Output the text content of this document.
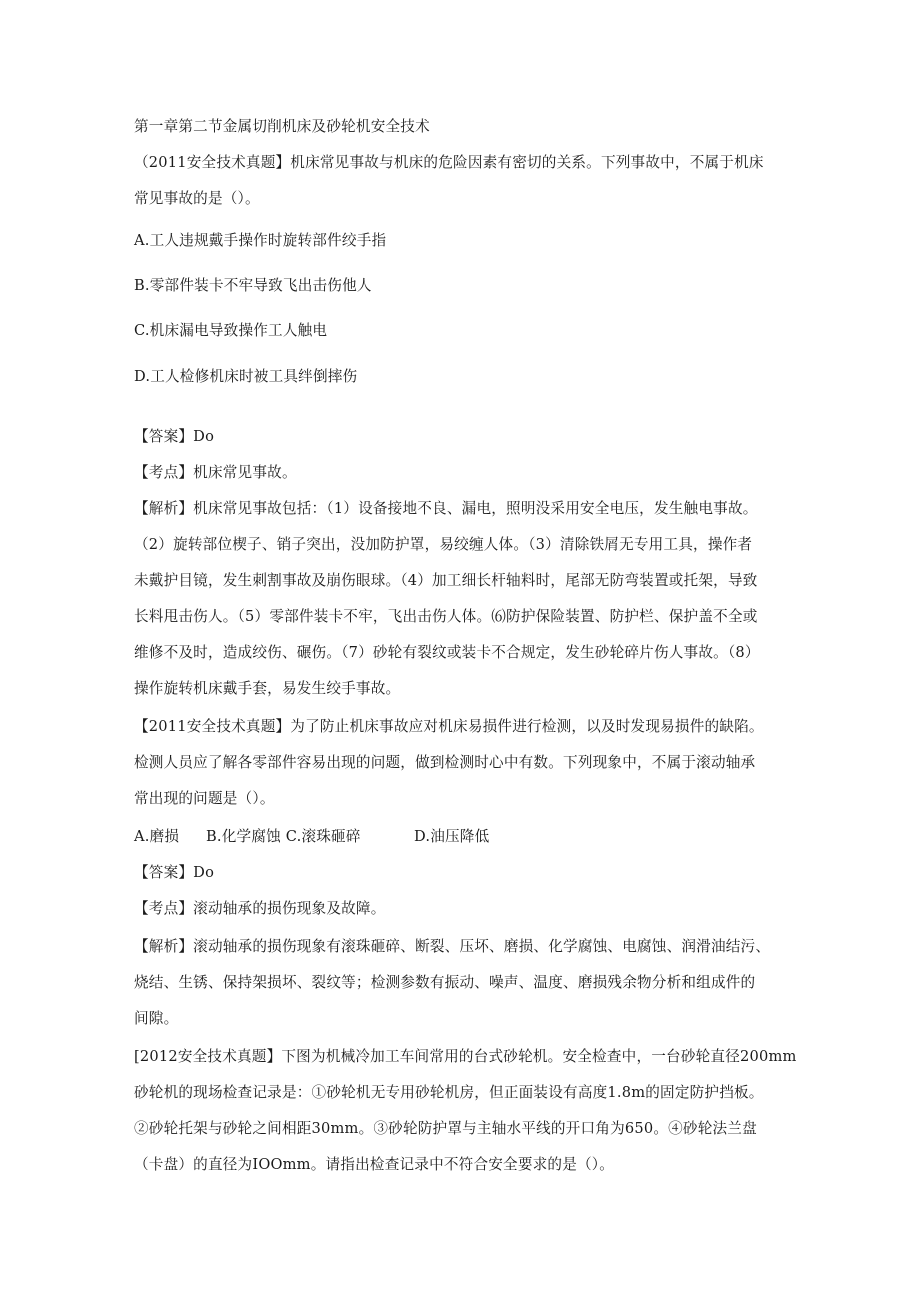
第一章第二节金属切削机床及砂轮机安全技术
（2011安全技术真题】机床常见事故与机床的危险因素有密切的关系。下列事故中，不属于机床
常见事故的是（）。
A.工人违规戴手操作时旋转部件绞手指
B.零部件装卡不牢导致飞出击伤他人
C.机床漏电导致操作工人触电
D.工人检修机床时被工具绊倒摔伤
【答案】Do
【考点】机床常见事故。
【解析】机床常见事故包括：（1）设备接地不良、漏电，照明没采用安全电压，发生触电事故。
（2）旋转部位楔子、销子突出，没加防护罩，易绞缠人体。（3）清除铁屑无专用工具，操作者
未戴护目镜，发生刺割事故及崩伤眼球。（4）加工细长杆轴料时，尾部无防弯装置或托架，导致
长料甩击伤人。（5）零部件装卡不牢，飞出击伤人体。⑹防护保险装置、防护栏、保护盖不全或
维修不及时，造成绞伤、碾伤。（7）砂轮有裂纹或装卡不合规定，发生砂轮碎片伤人事故。（8）
操作旋转机床戴手套，易发生绞手事故。
【2011安全技术真题】为了防止机床事故应对机床易损件进行检测，以及时发现易损件的缺陷。
检测人员应了解各零部件容易出现的问题，做到检测时心中有数。下列现象中，不属于滚动轴承
常出现的问题是（）。
A.磨损 B.化学腐蚀 C.滚珠砸碎	D.油压降低
【答案】Do
【考点】滚动轴承的损伤现象及故障。
【解析】滚动轴承的损伤现象有滚珠砸碎、断裂、压坏、磨损、化学腐蚀、电腐蚀、润滑油结污、
烧结、生锈、保持架损坏、裂纹等；检测参数有振动、噪声、温度、磨损残余物分析和组成件的
间隙。
[2012安全技术真题】下图为机械冷加工车间常用的台式砂轮机。安全检查中，一台砂轮直径200mm
砂轮机的现场检查记录是：①砂轮机无专用砂轮机房，但正面装设有高度1.8m的固定防护挡板。
②砂轮托架与砂轮之间相距30mm。③砂轮防护罩与主轴水平线的开口角为650。④砂轮法兰盘
（卡盘）的直径为IOOmm。请指出检查记录中不符合安全要求的是（）。
